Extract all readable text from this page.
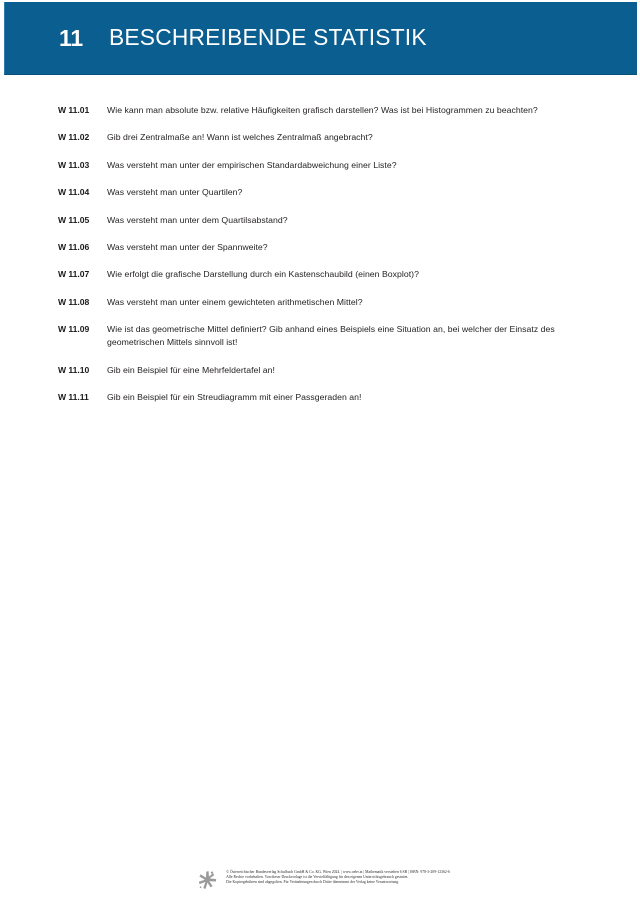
11 BESCHREIBENDE STATISTIK
W 11.01	Wie kann man absolute bzw. relative Häufigkeiten grafisch darstellen? Was ist bei Histogrammen zu beachten?
W 11.02	Gib drei Zentralmaße an! Wann ist welches Zentralmaß angebracht?
W 11.03	Was versteht man unter der empirischen Standardabweichung einer Liste?
W 11.04	Was versteht man unter Quartilen?
W 11.05	Was versteht man unter dem Quartilsabstand?
W 11.06	Was versteht man unter der Spannweite?
W 11.07	Wie erfolgt die grafische Darstellung durch ein Kastenschaubild (einen Boxplot)?
W 11.08	Was versteht man unter einem gewichteten arithmetischen Mittel?
W 11.09	Wie ist das geometrische Mittel definiert? Gib anhand eines Beispiels eine Situation an, bei welcher der Einsatz des geometrischen Mittels sinnvoll ist!
W 11.10	Gib ein Beispiel für eine Mehrfeldertafel an!
W 11.11	Gib ein Beispiel für ein Streudiagramm mit einer Passgeraden an!
© Österreichischer Bundesverlag Schulbuch GmbH & Co. KG, Wien 2024. | www.oebv.at | Mathematik verstehen 6 SB | ISBN: 978-3-209-12362-6
Alle Rechte vorbehalten. Von dieser Druckvorlage ist die Vervielfältigung für den eigenen Unterrichtsgebrauch gestattet.
Die Kopiergebühren sind abgegolten. Für Veränderungen durch Dritte übernimmt der Verlag keine Verantwortung.
